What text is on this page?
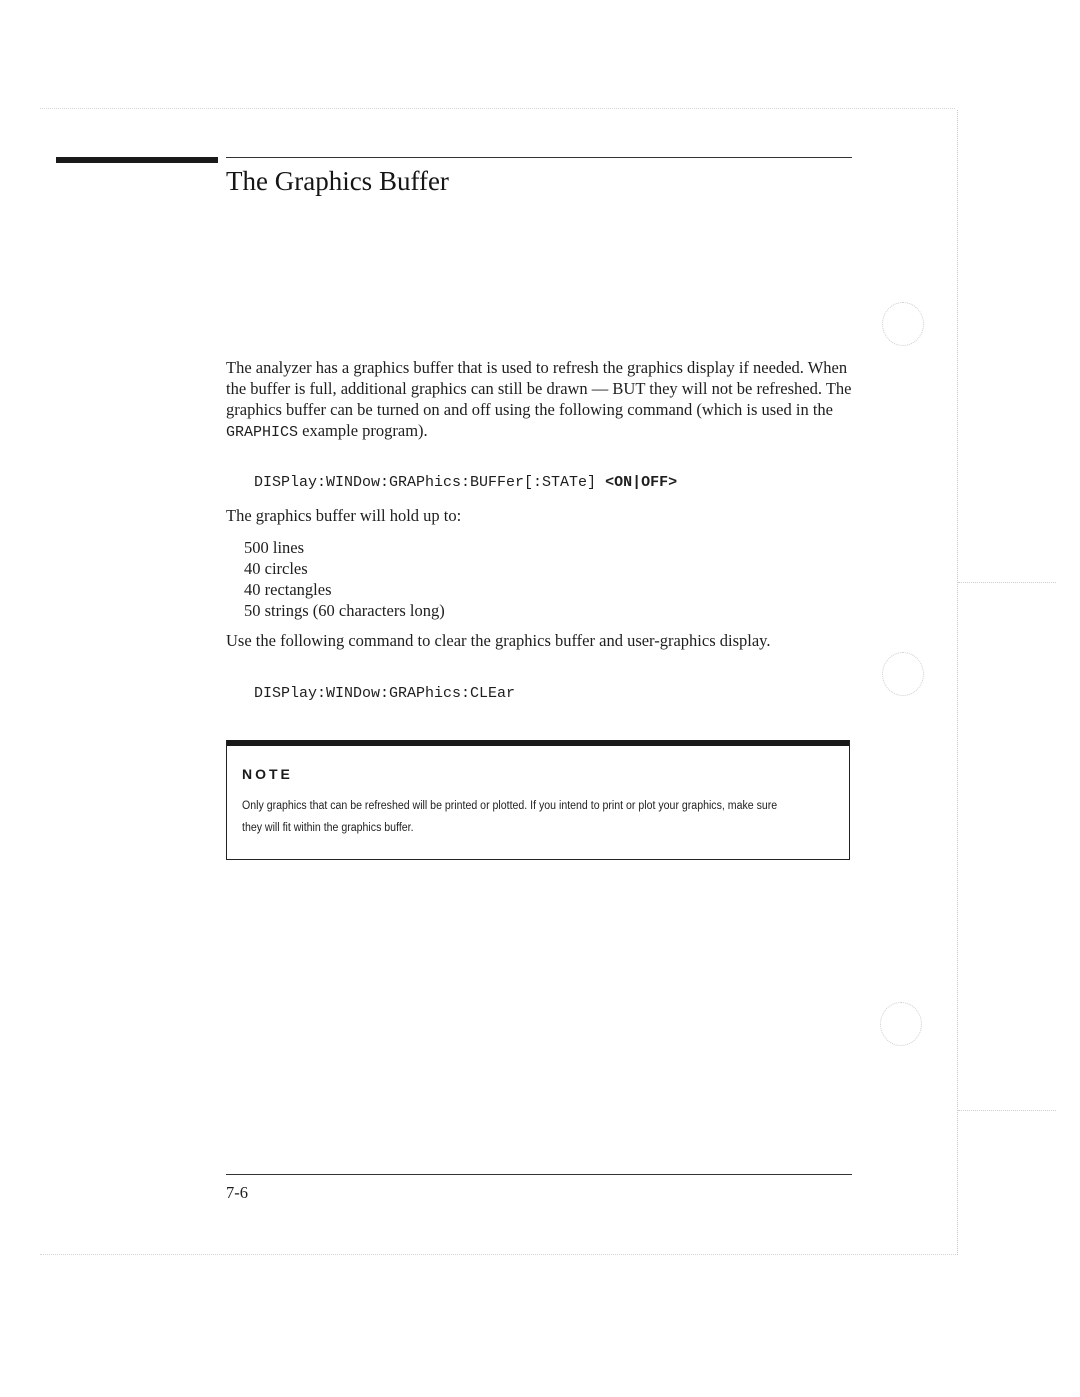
The Graphics Buffer

The analyzer has a graphics buffer that is used to refresh the graphics display if needed. When the buffer is full, additional graphics can still be drawn — BUT they will not be refreshed. The graphics buffer can be turned on and off using the following command (which is used in the GRAPHICS example program).

DISPlay:WINDow:GRAPhics:BUFFer[:STATe] <ON|OFF>

The graphics buffer will hold up to:

500 lines
40 circles
40 rectangles
50 strings (60 characters long)

Use the following command to clear the graphics buffer and user-graphics display.

DISPlay:WINDow:GRAPhics:CLEar

NOTE

Only graphics that can be refreshed will be printed or plotted. If you intend to print or plot your graphics, make sure they will fit within the graphics buffer.

7-6
